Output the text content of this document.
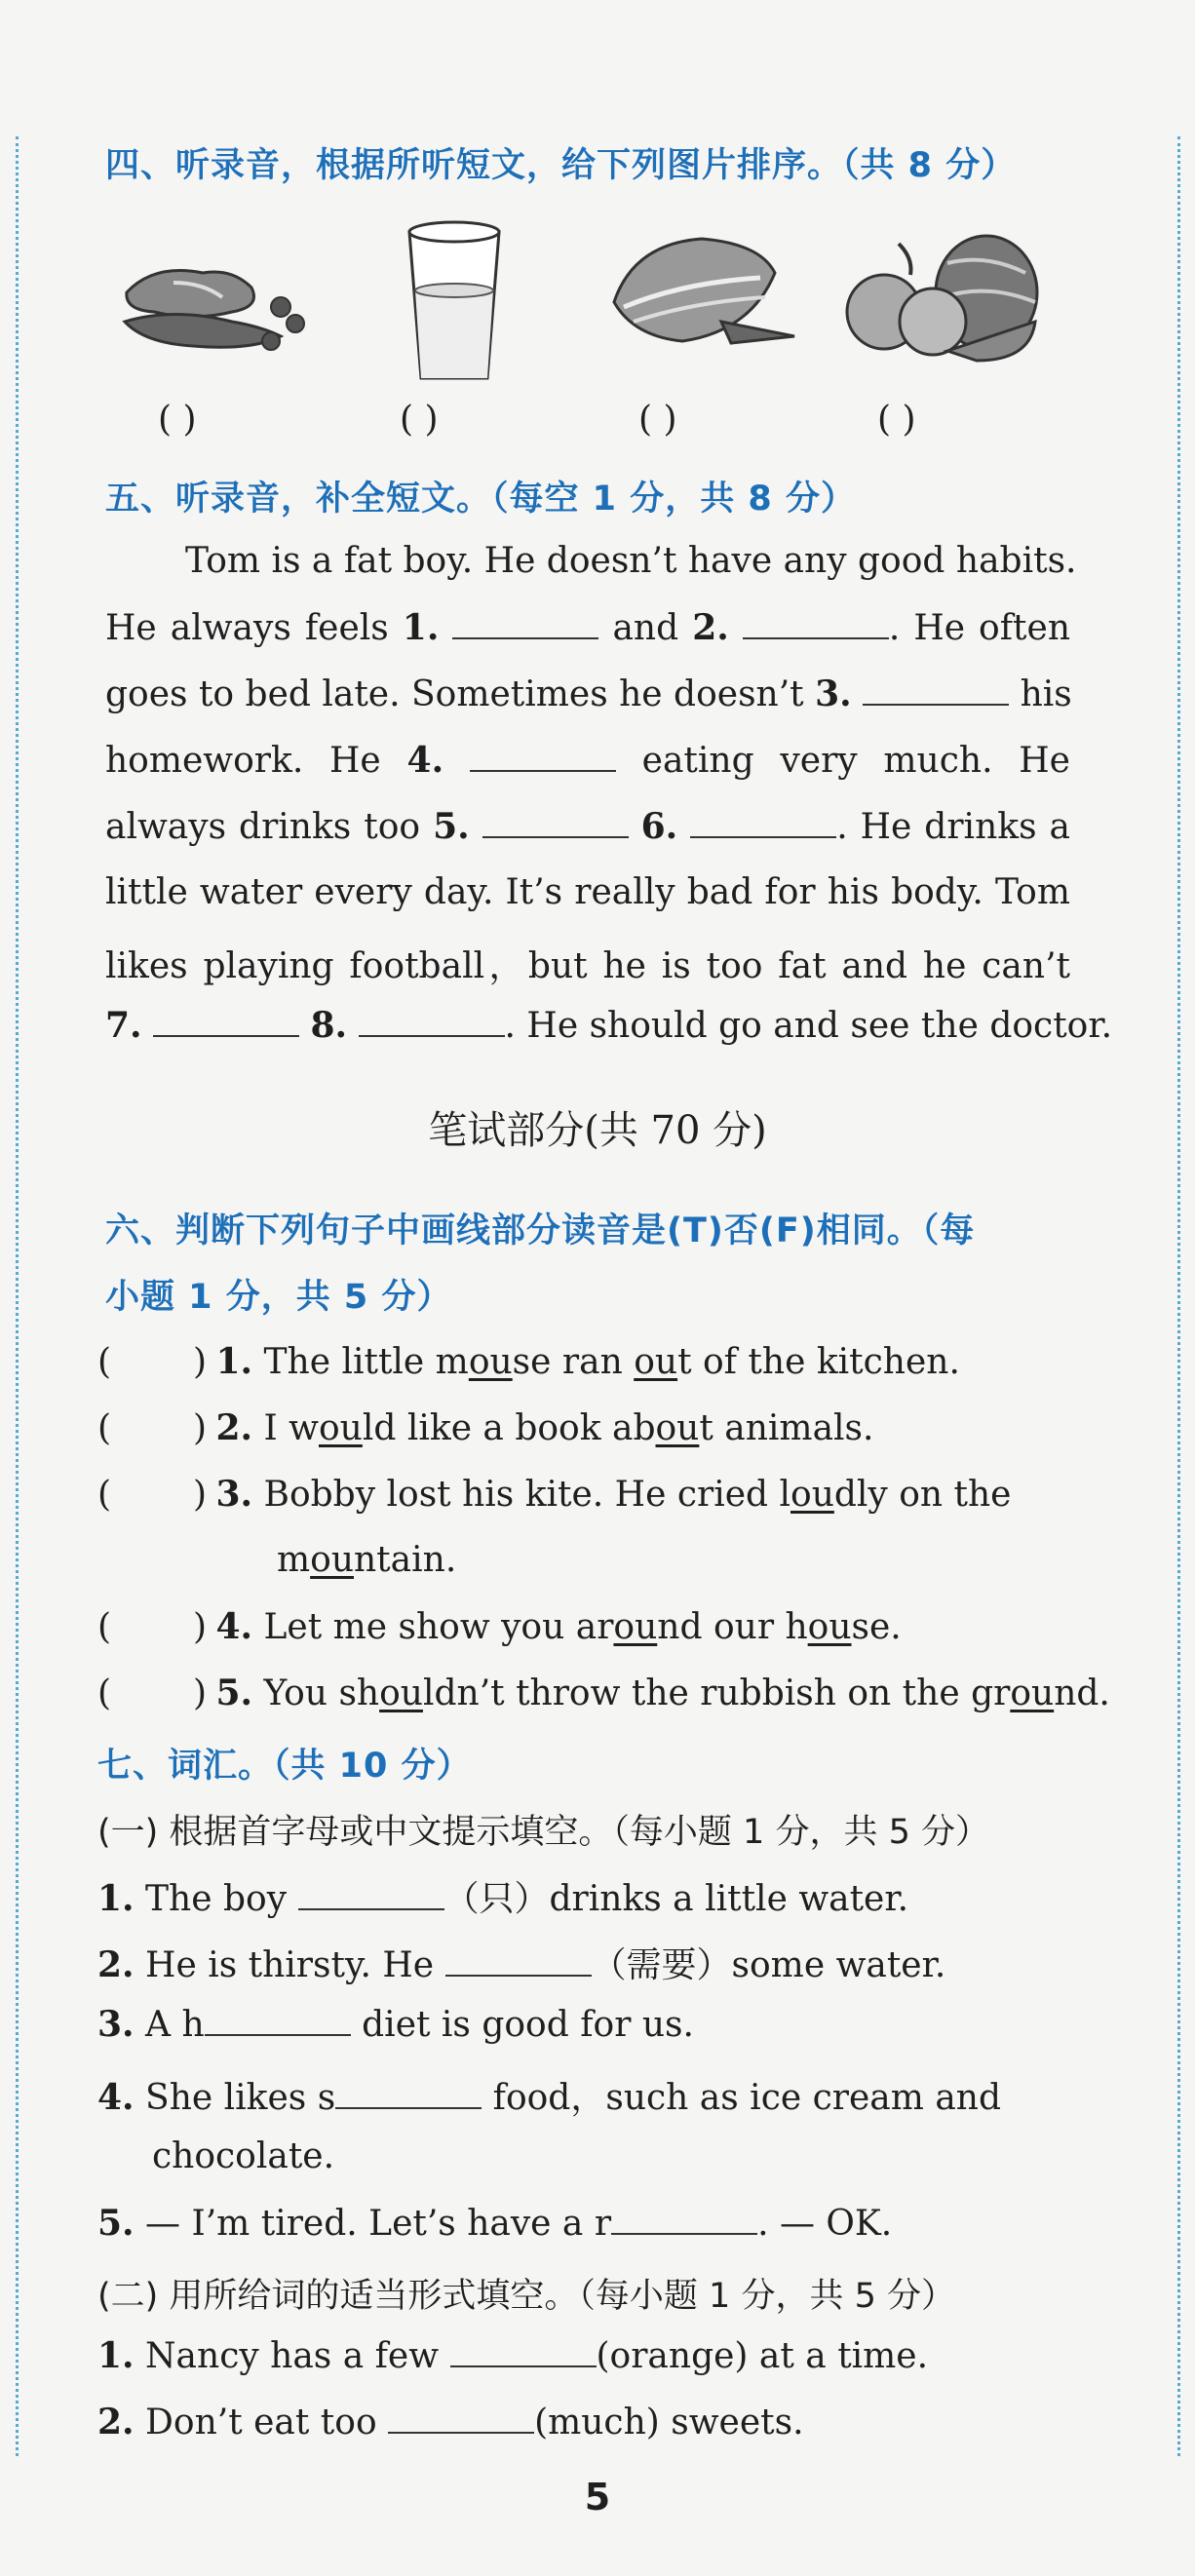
四、听录音，根据所听短文，给下列图片排序。（共 8 分）
( )	( )	( )	( )
五、听录音，补全短文。（每空 1 分，共 8 分）
Tom is a fat boy. He doesn’t have any good habits.
He always feels 1.	and 2.	. He often
goes to bed late. Sometimes he doesn’t 3.	his
homework. He 4.	eating very much. He
always drinks too 5.	6.	. He drinks a
little water every day. It’s really bad for his body. Tom
likes playing football，but he is too fat and he can’t
7.	8.	. He should go and see the doctor.
笔试部分(共 70 分)
六、判断下列句子中画线部分读音是(T)否(F)相同。（每
小题 1 分，共 5 分）
( ) 1. The little mouse ran out of the kitchen.
( ) 2. I would like a book about animals.
( ) 3. Bobby lost his kite. He cried loudly on the
mountain.
( ) 4. Let me show you around our house.
( ) 5. You shouldn’t throw the rubbish on the ground.
七、词汇。（共 10 分）
(一) 根据首字母或中文提示填空。（每小题 1 分，共 5 分）
1. The boy	（只）drinks a little water.
2. He is thirsty. He	（需要）some water.
3. A h	diet is good for us.
4. She likes s	food，such as ice cream and
chocolate.
5. — I’m tired. Let’s have a r	. — OK.
(二) 用所给词的适当形式填空。（每小题 1 分，共 5 分）
1. Nancy has a few	(orange) at a time.
2. Don’t eat too	(much) sweets.
5
